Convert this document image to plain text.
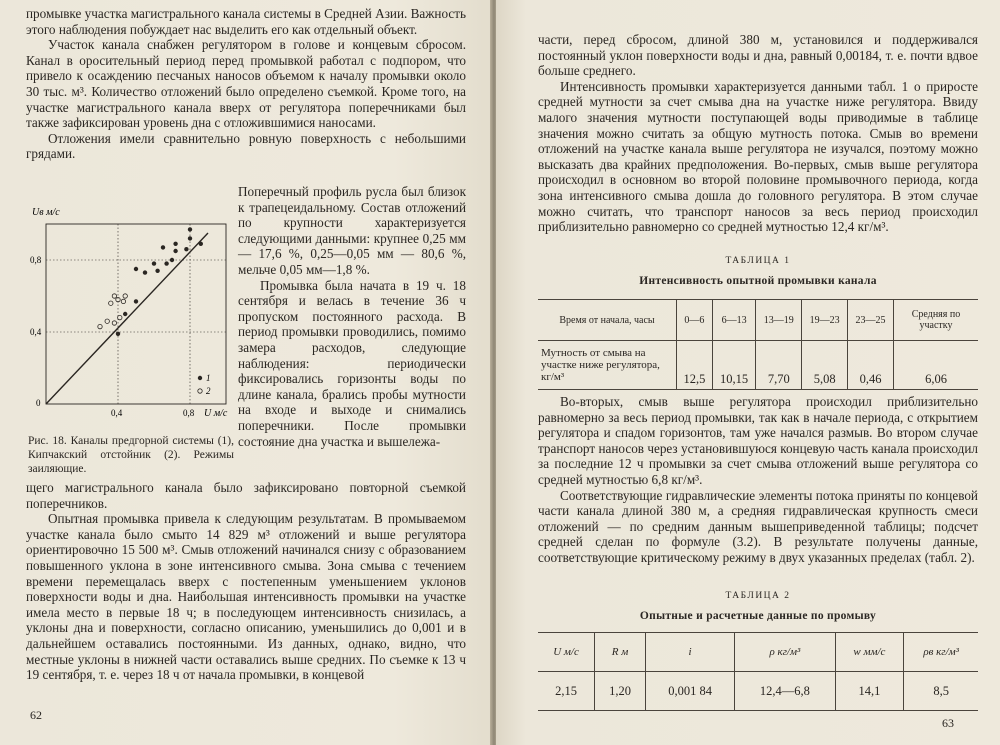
промывке участка магистрального канала системы в Средней Азии. Важность этого наблюдения побуждает нас выделить его как отдельный объект.

Участок канала снабжен регулятором в голове и концевым сбросом. Канал в оросительный период перед промывкой работал с подпором, что привело к осаждению песчаных наносов объемом к началу промывки около 30 тыс. м³. Количество отложений было определено съемкой. Кроме того, на участке магистрального канала вверх от регулятора поперечниками был также зафиксирован уровень дна с отложившимися наносами.

Отложения имели сравнительно ровную поверхность с небольшими грядами.

Uв м/с
U м/с
0
0,4	0,8
0,4
0,8
1
2
Рис. 18. Каналы предгорной системы (1), Кипчакский отстойник (2). Режимы заиляющие.

Поперечный профиль русла был близок к трапецеидальному. Состав отложений по крупности характеризуется следующими данными: крупнее 0,25 мм — 17,6 %, 0,25—0,05 мм — 80,6 %, мельче 0,05 мм—1,8 %.

Промывка была начата в 19 ч. 18 сентября и велась в течение 36 ч пропуском постоянного расхода. В период промывки проводились, помимо замера расходов, следующие наблюдения: периодически фиксировались горизонты воды по длине канала, брались пробы мутности на входе и выходе и снимались поперечники. После промывки состояние дна участка и вышележа-

щего магистрального канала было зафиксировано повторной съемкой поперечников.

Опытная промывка привела к следующим результатам. В промываемом участке канала было смыто 14 829 м³ отложений и выше регулятора ориентировочно 15 500 м³. Смыв отложений начинался снизу с образованием повышенного уклона в зоне интенсивного смыва. Зона смыва с течением времени перемещалась вверх с постепенным уменьшением уклонов поверхности воды и дна. Наибольшая интенсивность промывки на участке имела место в первые 18 ч; в последующем интенсивность снизилась, а уклоны дна и поверхности, согласно описанию, уменьшились до 0,001 и в дальнейшем оставались постоянными. Из данных, однако, видно, что местные уклоны в нижней части оставались выше средних. По съемке к 13 ч 19 сентября, т. е. через 18 ч от начала промывки, в концевой

62

части, перед сбросом, длиной 380 м, установился и поддерживался постоянный уклон поверхности воды и дна, равный 0,00184, т. е. почти вдвое больше среднего.

Интенсивность промывки характеризуется данными табл. 1 о приросте средней мутности за счет смыва дна на участке ниже регулятора. Ввиду малого значения мутности поступающей воды приводимые в таблице значения можно считать за общую мутность потока. Смыв во времени отложений на участке канала выше регулятора не изучался, поэтому можно высказать два крайних предположения. Во-первых, смыв выше регулятора происходил в основном во второй половине промывочного периода, когда зона интенсивного смыва дошла до головного регулятора. В этом случае можно считать, что транспорт наносов за весь период происходил приблизительно равномерно со средней мутностью 12,4 кг/м³.

ТАБЛИЦА 1
Интенсивность опытной промывки канала
Время от начала, часы	0—6	6—13	13—19	19—23	23—25	Средняя по участку
Мутность от смыва на участке ниже регулятора, кг/м³	12,5	10,15	7,70	5,08	0,46	6,06

Во-вторых, смыв выше регулятора происходил приблизительно равномерно за весь период промывки, так как в начале периода, с открытием регулятора и спадом горизонтов, там уже начался размыв. Во втором случае транспорт наносов через установившуюся концевую часть канала происходил за последние 12 ч промывки за счет смыва отложений выше регулятора со средней мутностью 6,8 кг/м³.

Соответствующие гидравлические элементы потока приняты по концевой части канала длиной 380 м, а средняя гидравлическая крупность смеси отложений — по средним данным вышеприведенной таблицы; подсчет средней сделан по формуле (3.2). В результате получены данные, соответствующие критическому режиму в двух указанных пределах (табл. 2).

ТАБЛИЦА 2
Опытные и расчетные данные по промыву
U м/с	R м	i	ρ кг/м³	w мм/с	ρв кг/м³
2,15	1,20	0,001 84	12,4—6,8	14,1	8,5
63
